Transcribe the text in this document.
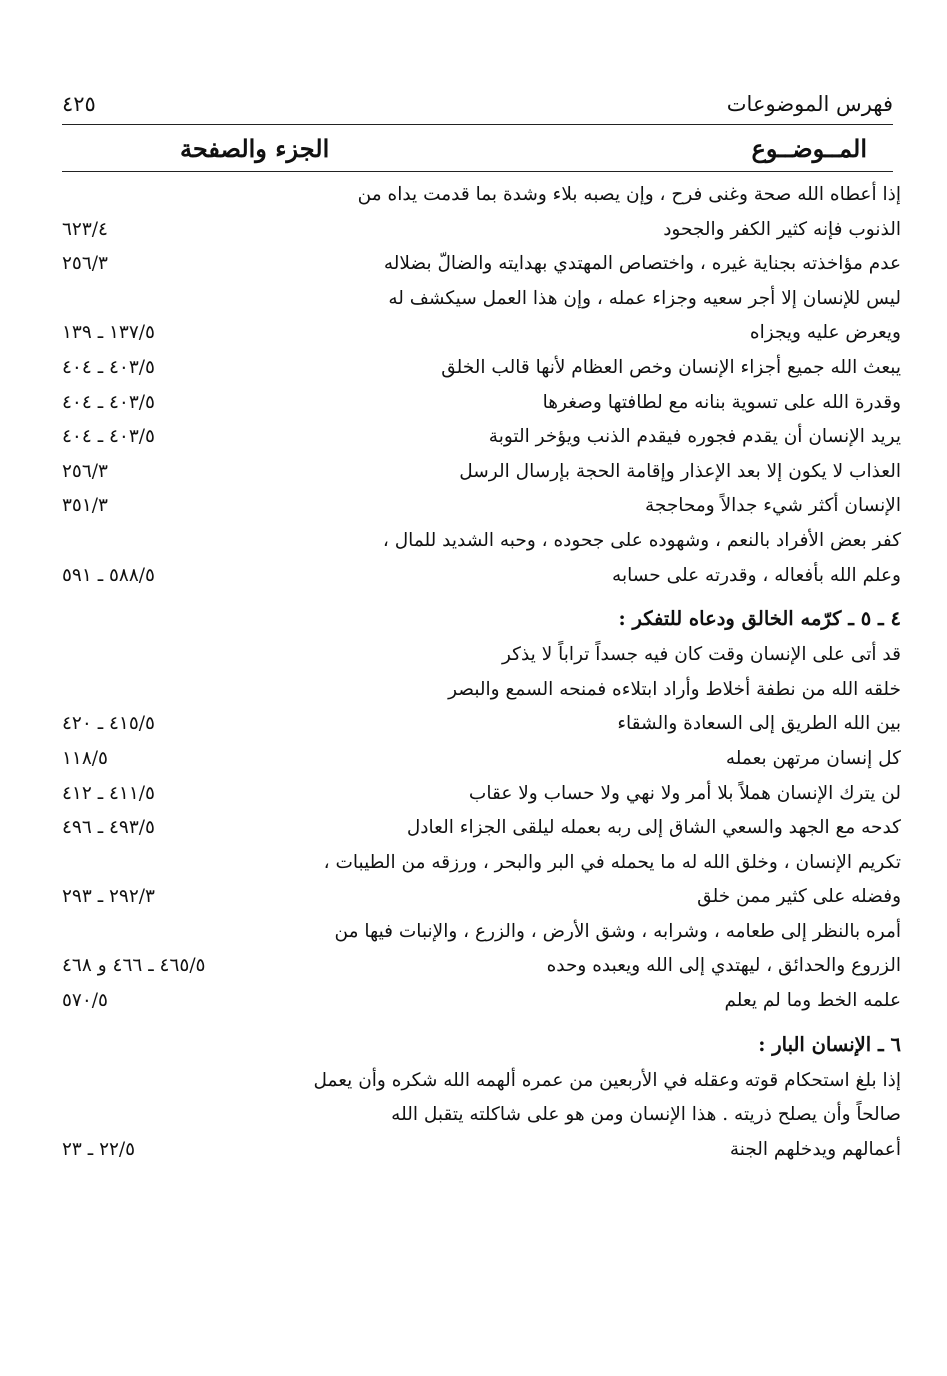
فهرس الموضوعات
٤٢٥
المــوضــوع
الجزء والصفحة
إذا أعطاه الله صحة وغنى فرح ، وإن يصبه بلاء وشدة بما قدمت يداه من
الذنوب فإنه كثير الكفر والجحود
٦٢٣/٤
عدم مؤاخذته بجناية غيره ، واختصاص المهتدي بهدايته والضالّ بضلاله
٢٥٦/٣
ليس للإنسان إلا أجر سعيه وجزاء عمله ، وإن هذا العمل سيكشف له
ويعرض عليه ويجزاه
١٣٧/٥ ـ ١٣٩
يبعث الله جميع أجزاء الإنسان وخص العظام لأنها قالب الخلق
٤٠٣/٥ ـ ٤٠٤
وقدرة الله على تسوية بنانه مع لطافتها وصغرها
٤٠٣/٥ ـ ٤٠٤
يريد الإنسان أن يقدم فجوره فيقدم الذنب ويؤخر التوبة
٤٠٣/٥ ـ ٤٠٤
العذاب لا يكون إلا بعد الإعذار وإقامة الحجة بإرسال الرسل
٢٥٦/٣
الإنسان أكثر شيء جدالاً ومحاججة
٣٥١/٣
كفر بعض الأفراد بالنعم ، وشهوده على جحوده ، وحبه الشديد للمال ،
وعلم الله بأفعاله ، وقدرته على حسابه
٥٨٨/٥ ـ ٥٩١
٤ ـ ٥ ـ كرّمه الخالق ودعاه للتفكر :
قد أتى على الإنسان وقت كان فيه جسداً تراباً لا يذكر
خلقه الله من نطفة أخلاط وأراد ابتلاءه فمنحه السمع والبصر
بين الله الطريق إلى السعادة والشقاء
٤١٥/٥ ـ ٤٢٠
كل إنسان مرتهن بعمله
١١٨/٥
لن يترك الإنسان هملاً بلا أمر ولا نهي ولا حساب ولا عقاب
٤١١/٥ ـ ٤١٢
كدحه مع الجهد والسعي الشاق إلى ربه بعمله ليلقى الجزاء العادل
٤٩٣/٥ ـ ٤٩٦
تكريم الإنسان ، وخلق الله له ما يحمله في البر والبحر ، ورزقه من الطيبات ،
وفضله على كثير ممن خلق
٢٩٢/٣ ـ ٢٩٣
أمره بالنظر إلى طعامه ، وشرابه ، وشق الأرض ، والزرع ، والإنبات فيها من
الزروع والحدائق ، ليهتدي إلى الله ويعبده وحده
٤٦٥/٥ ـ ٤٦٦ و ٤٦٨
علمه الخط وما لم يعلم
٥٧٠/٥
٦ ـ الإنسان البار :
إذا بلغ استحكام قوته وعقله في الأربعين من عمره ألهمه الله شكره وأن يعمل
صالحاً وأن يصلح ذريته . هذا الإنسان ومن هو على شاكلته يتقبل الله
أعمالهم ويدخلهم الجنة
٢٢/٥ ـ ٢٣
